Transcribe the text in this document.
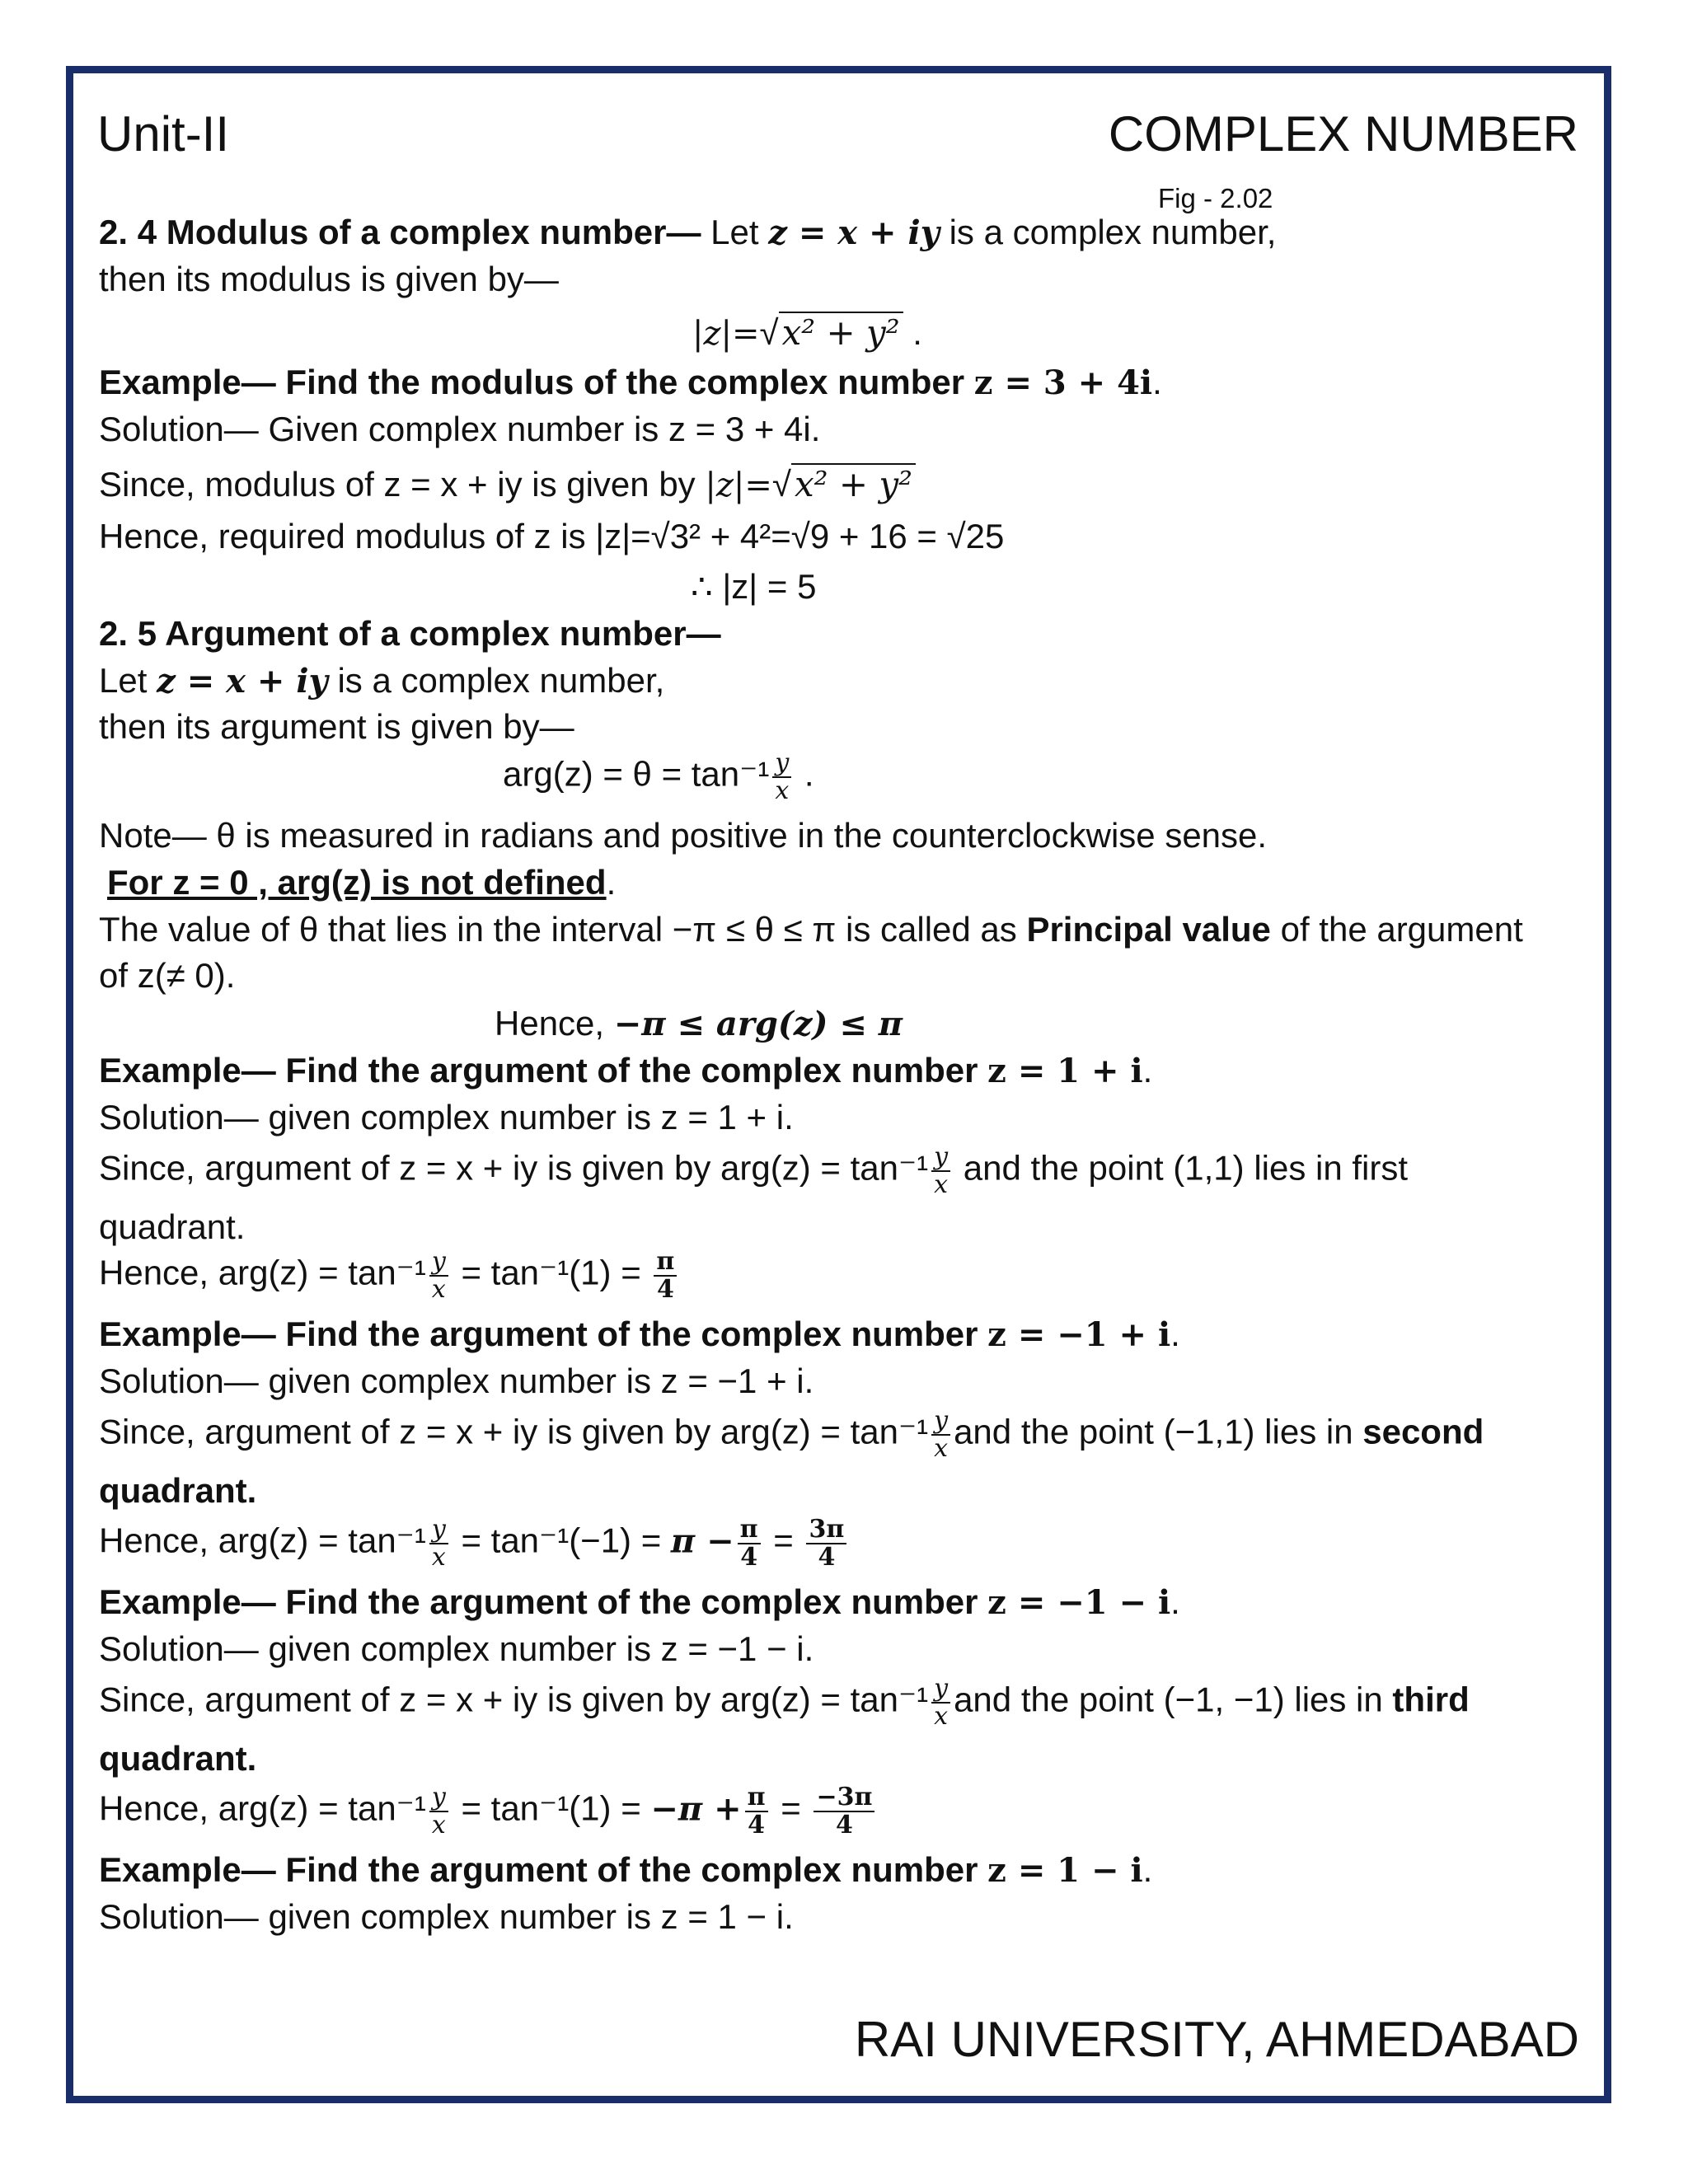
Unit-II	COMPLEX NUMBER
Fig - 2.02
2. 4 Modulus of a complex number— Let z = x + iy is a complex number,
then its modulus is given by—
|z|=√x² + y² .
Example— Find the modulus of the complex number z = 3 + 4i.
Solution— Given complex number is z = 3 + 4i.
Since, modulus of z = x + iy is given by |z|=√x² + y²
Hence, required modulus of z is |z|=√3² + 4²=√9 + 16 = √25
∴ |z| = 5
2. 5 Argument of a complex number—
Let z = x + iy is a complex number,
then its argument is given by—
$arg(z) = \theta = \tan^{-1} \frac{y}{x}$ .
Note— θ is measured in radians and positive in the counterclockwise sense.
For z = 0 , arg(z) is not defined.
The value of θ that lies in the interval −π ≤ θ ≤ π is called as Principal value of the argument
of z(≠ 0).
Hence, −π ≤ arg(z) ≤ π
Example— Find the argument of the complex number z = 1 + i.
Solution— given complex number is z = 1 + i.
Since, argument of z = x + iy is given by $arg(z) = \tan^{-1} \frac{y}{x}$ and the point (1,1) lies in first
quadrant.
Hence, $arg(z) = \tan^{-1} \frac{y}{x} = \tan^{-1}(1) = \frac{\pi}{4}$
Example— Find the argument of the complex number z = −1 + i.
Solution— given complex number is z = −1 + i.
Since, argument of z = x + iy is given by $arg(z) = \tan^{-1} \frac{y}{x}$ and the point (−1,1) lies in second
quadrant.
Hence, $arg(z) = \tan^{-1} \frac{y}{x} = \tan^{-1}(-1) = \pi - \frac{\pi}{4} = \frac{3\pi}{4}$
Example— Find the argument of the complex number z = −1 − i.
Solution— given complex number is z = −1 − i.
Since, argument of z = x + iy is given by $arg(z) = \tan^{-1} \frac{y}{x}$ and the point (−1, −1) lies in third
quadrant.
Hence, $arg(z) = \tan^{-1} \frac{y}{x} = \tan^{-1}(1) = -\pi + \frac{\pi}{4} = \frac{-3\pi}{4}$
Example— Find the argument of the complex number z = 1 − i.
Solution— given complex number is z = 1 − i.
RAI UNIVERSITY, AHMEDABAD
